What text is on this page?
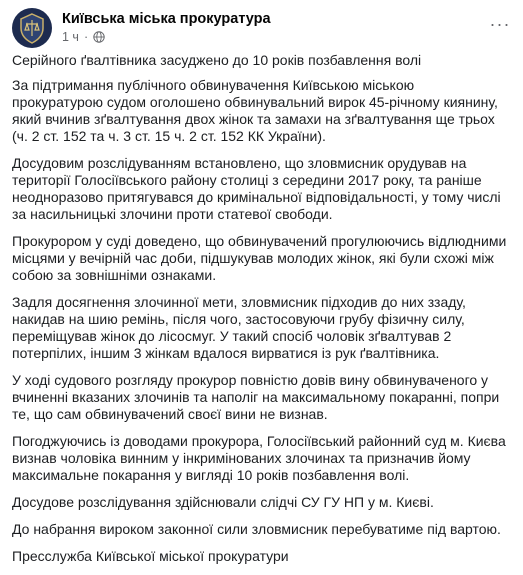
Київська міська прокуратура
1 ч ·
···

Серійного ґвалтівника засуджено до 10 років позбавлення волі

За підтримання публічного обвинувачення Київською міською прокуратурою судом оголошено обвинувальний вирок 45-річному киянину, який вчинив зґвалтування двох жінок та замахи на зґвалтування ще трьох (ч. 2 ст. 152 та ч. 3 ст. 15 ч. 2 ст. 152 КК України).

Досудовим розслідуванням встановлено, що зловмисник орудував на території Голосіївського району столиці з середини 2017 року, та раніше неодноразово притягувався до кримінальної відповідальності, у тому числі за насильницькі злочини проти статевої свободи.

Прокурором у суді доведено, що обвинувачений прогулюючись відлюдними місцями у вечірній час доби, підшукував молодих жінок, які були схожі між собою за зовнішніми ознаками.

Задля досягнення злочинної мети, зловмисник підходив до них ззаду, накидав на шию ремінь, після чого, застосовуючи грубу фізичну силу, переміщував жінок до лісосмуг. У такий спосіб чоловік зґвалтував 2 потерпілих, іншим 3 жінкам вдалося вирватися із рук ґвалтівника.

У ході судового розгляду прокурор повністю довів вину обвинуваченого у вчиненні вказаних злочинів та наполіг на максимальному покаранні, попри те, що сам обвинувачений своєї вини не визнав.

Погоджуючись із доводами прокурора, Голосіївський районний суд м. Києва визнав чоловіка винним у інкримінованих злочинах та призначив йому максимальне покарання у вигляді 10 років позбавлення волі.

Досудове розслідування здійснювали слідчі СУ ГУ НП у м. Києві.

До набрання вироком законної сили зловмисник перебуватиме під вартою.

Пресслужба Київської міської прокуратури
